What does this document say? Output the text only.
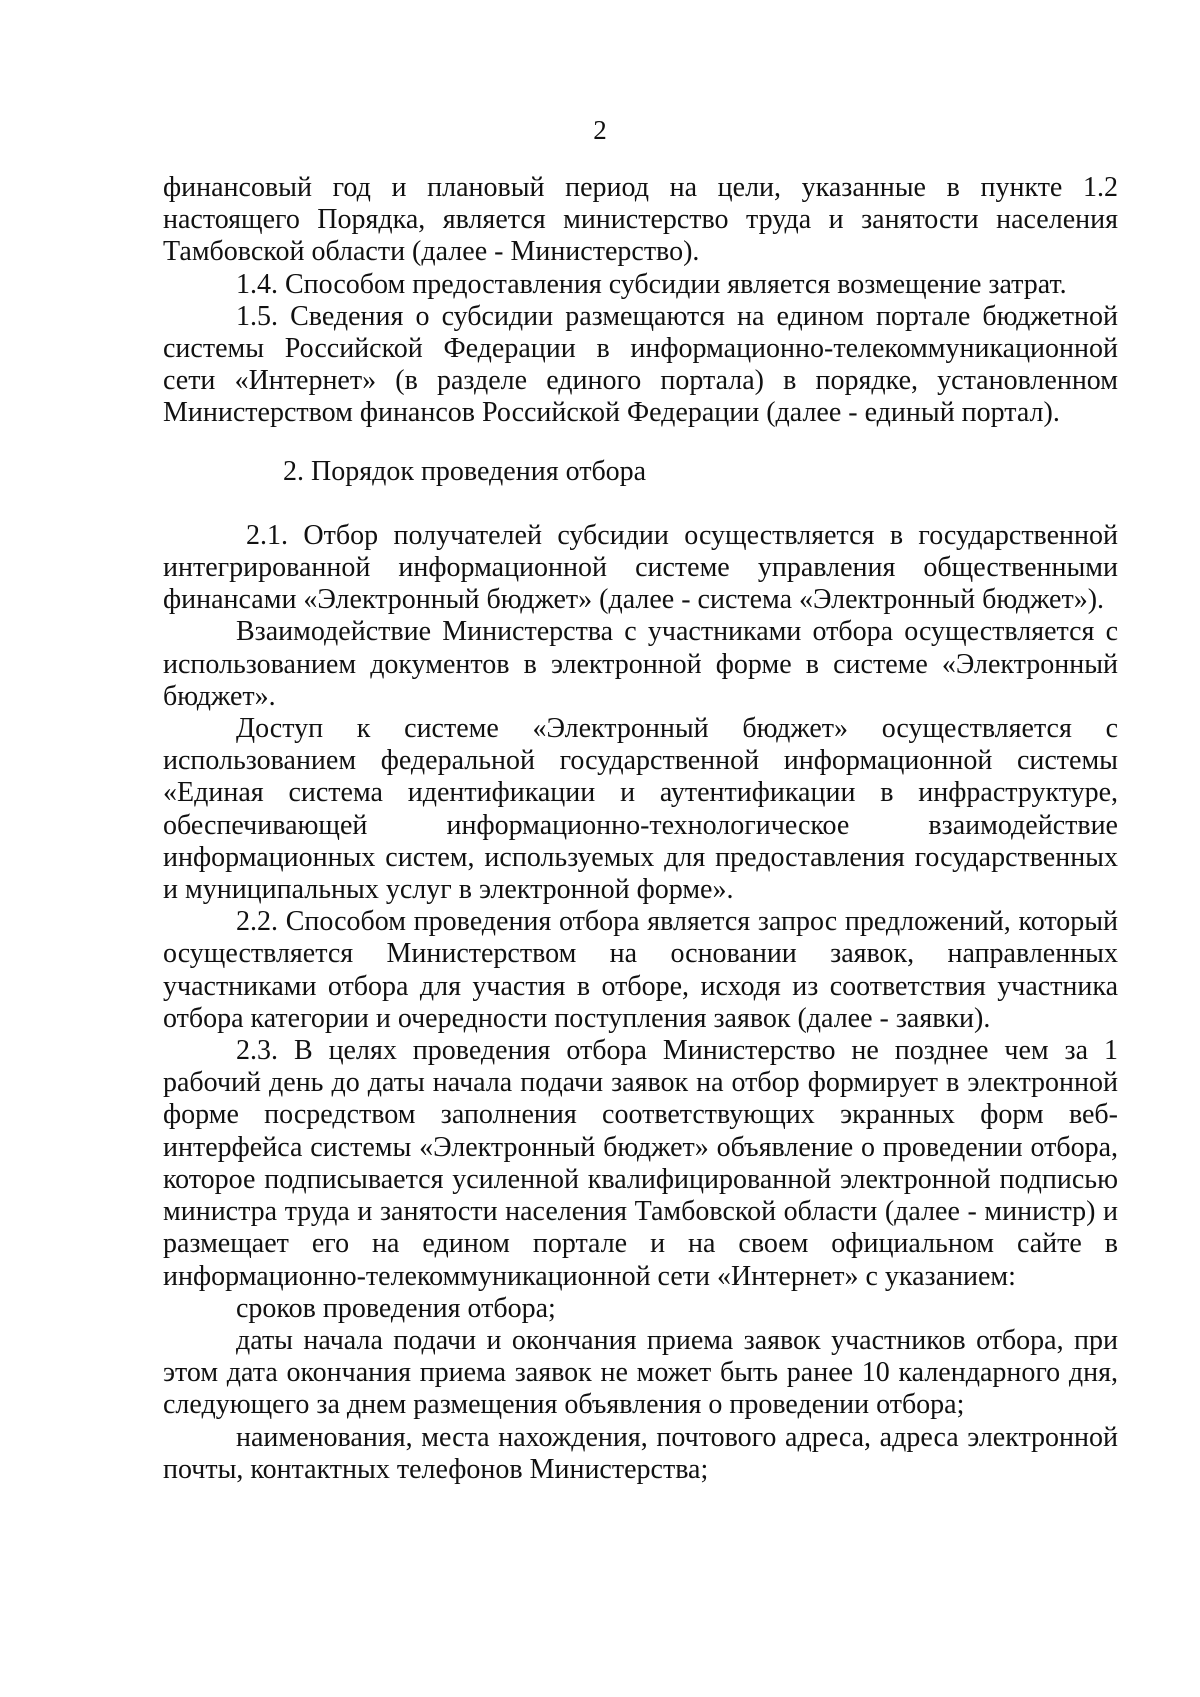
2

финансовый год и плановый период на цели, указанные в пункте 1.2 настоящего Порядка, является министерство труда и занятости населения Тамбовской области (далее - Министерство).

1.4. Способом предоставления субсидии является возмещение затрат.

1.5. Сведения о субсидии размещаются на едином портале бюджетной системы Российской Федерации в информационно-телекоммуникационной сети «Интернет» (в разделе единого портала) в порядке, установленном Министерством финансов Российской Федерации (далее - единый портал).

2. Порядок проведения отбора

2.1. Отбор получателей субсидии осуществляется в государственной интегрированной информационной системе управления общественными финансами «Электронный бюджет» (далее - система «Электронный бюджет»).

Взаимодействие Министерства с участниками отбора осуществляется с использованием документов в электронной форме в системе «Электронный бюджет».

Доступ к системе «Электронный бюджет» осуществляется с использованием федеральной государственной информационной системы «Единая система идентификации и аутентификации в инфраструктуре, обеспечивающей информационно-технологическое взаимодействие информационных систем, используемых для предоставления государственных и муниципальных услуг в электронной форме».

2.2. Способом проведения отбора является запрос предложений, который осуществляется Министерством на основании заявок, направленных участниками отбора для участия в отборе, исходя из соответствия участника отбора категории и очередности поступления заявок (далее - заявки).

2.3. В целях проведения отбора Министерство не позднее чем за 1 рабочий день до даты начала подачи заявок на отбор формирует в электронной форме посредством заполнения соответствующих экранных форм веб-интерфейса системы «Электронный бюджет» объявление о проведении отбора, которое подписывается усиленной квалифицированной электронной подписью министра труда и занятости населения Тамбовской области (далее - министр) и размещает его на едином портале и на своем официальном сайте в информационно-телекоммуникационной сети «Интернет» с указанием:

сроков проведения отбора;

даты начала подачи и окончания приема заявок участников отбора, при этом дата окончания приема заявок не может быть ранее 10 календарного дня, следующего за днем размещения объявления о проведении отбора;

наименования, места нахождения, почтового адреса, адреса электронной почты, контактных телефонов Министерства;
